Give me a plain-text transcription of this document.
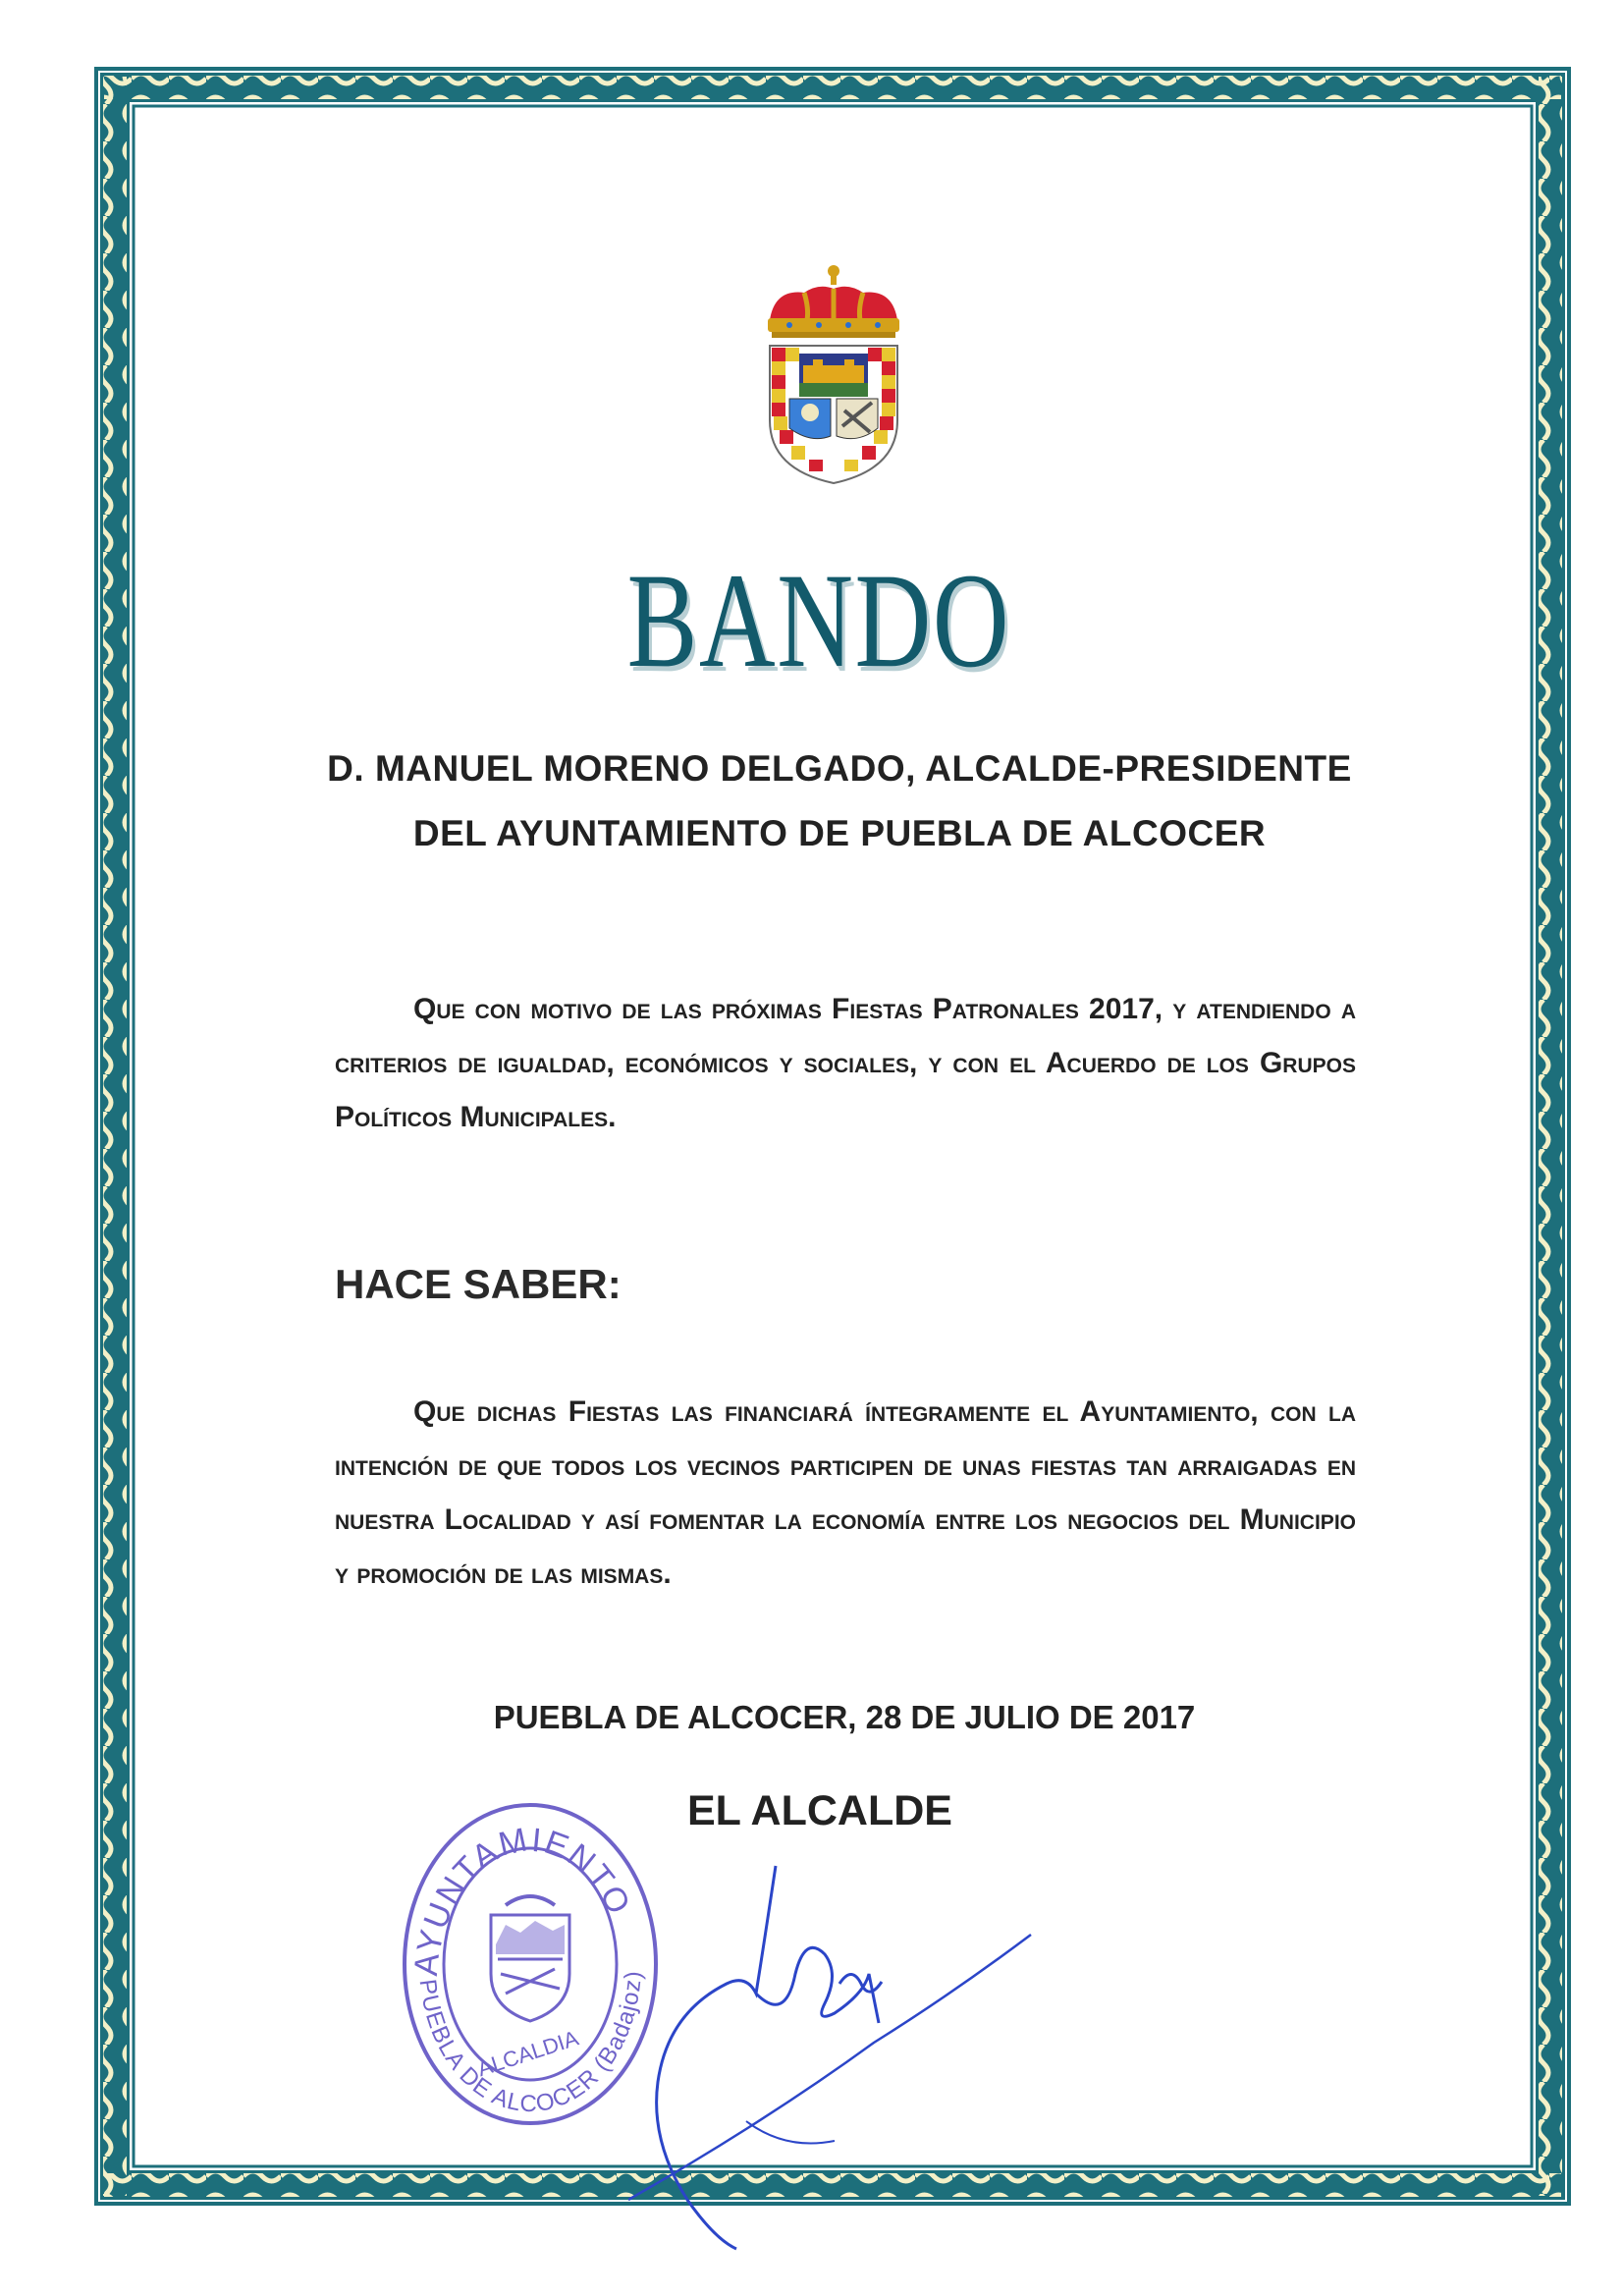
BANDO
D. MANUEL MORENO DELGADO, ALCALDE-PRESIDENTE
DEL AYUNTAMIENTO DE PUEBLA DE ALCOCER
Que con motivo de las próximas Fiestas Patronales 2017, y atendiendo a criterios de igualdad, económicos y sociales, y con el Acuerdo de los Grupos Políticos Municipales.
HACE SABER:
Que dichas Fiestas las financiará íntegramente el Ayuntamiento, con la intención de que todos los vecinos participen de unas fiestas tan arraigadas en nuestra Localidad y así fomentar la economía entre los negocios del Municipio y promoción de las mismas.
PUEBLA DE ALCOCER, 28 DE JULIO DE 2017
EL ALCALDE
AYUNTAMIENTO
PUEBLA DE ALCOCER (Badajoz)
ALCALDIA
